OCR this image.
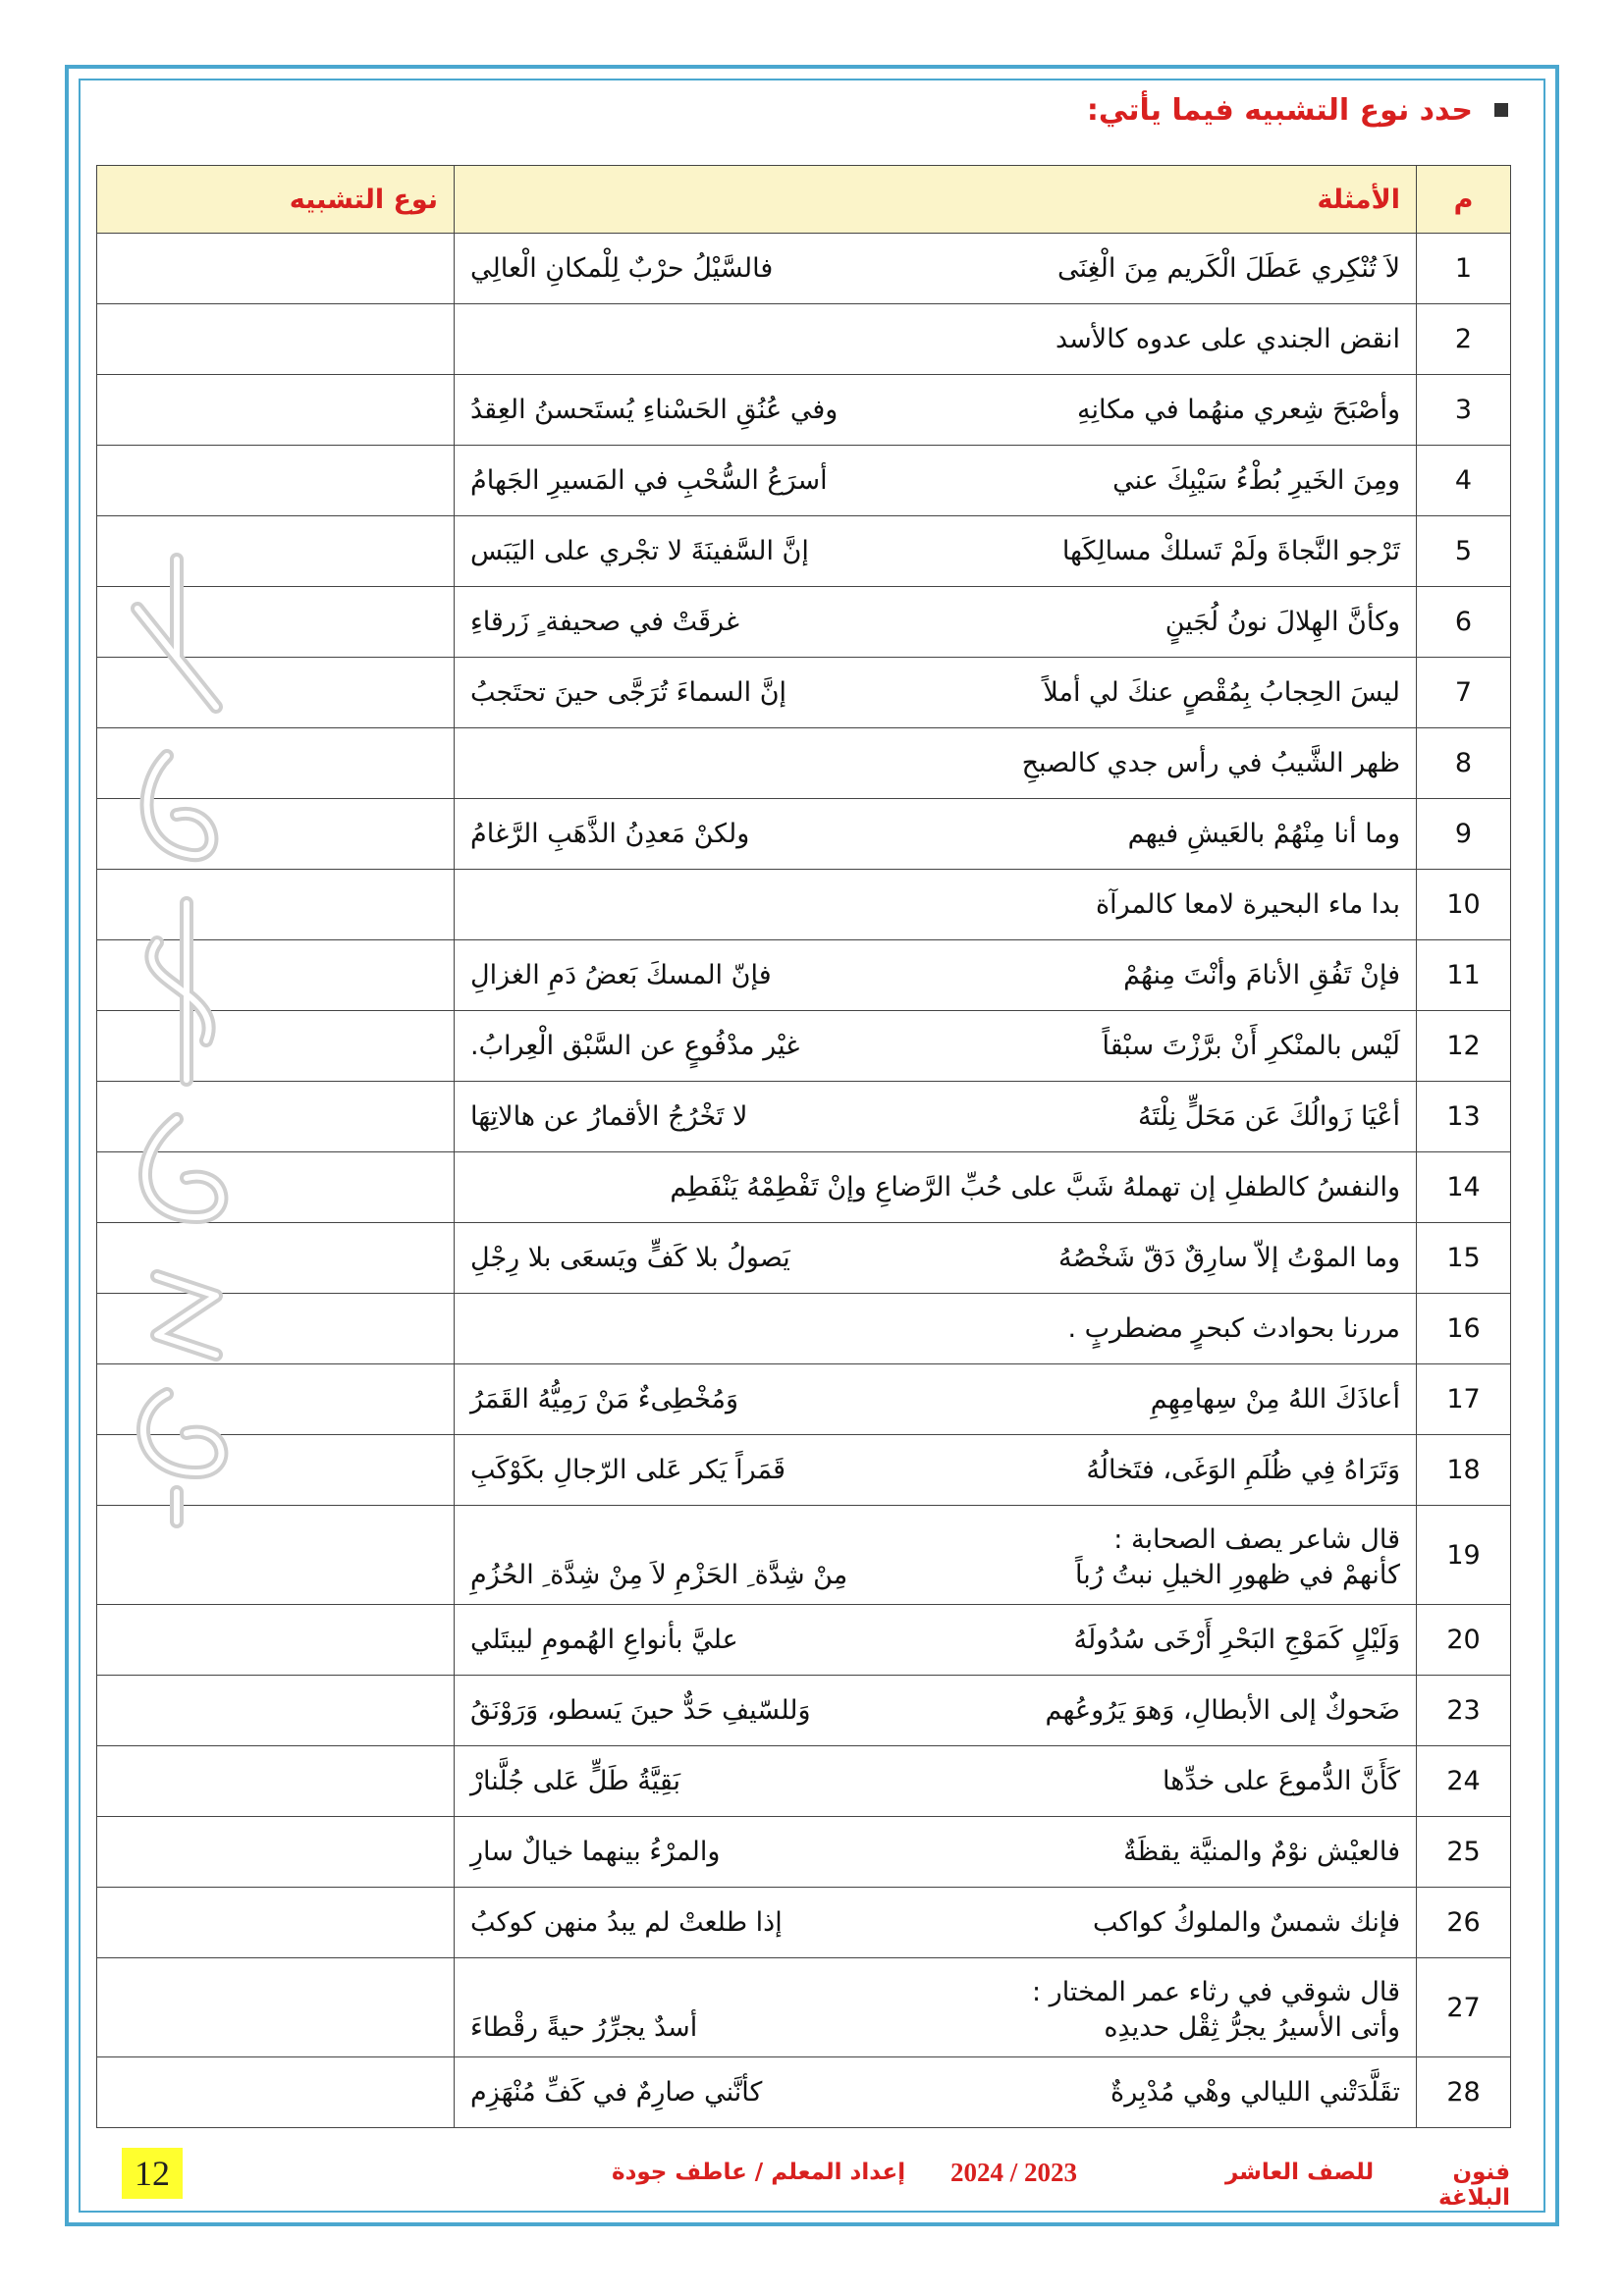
حدد نوع التشبيه فيما يأتي:
م	الأمثلة	نوع التشبيه
1	لاَ تُنْكِري عَطَلَ الْكَريم مِنَ الْغِنَى
فالسَّيْلُ حرْبٌ لِلْمكانِ الْعالِي	

2	انقض الجندي على عدوه كالأسد	

3	وأصْبَحَ شِعري منهُما في مكانِهِ
وفي عُنُقِ الحَسْناءِ يُستَحسنُ العِقدُ	

4	ومِنَ الخَيرِ بُطْءُ سَيْبِكَ عني
أسرَعُ السُّحْبِ في المَسيرِ الجَهامُ	

5	تَرْجو النَّجاةَ ولَمْ تَسلكْ مسالِكَها
إنَّ السَّفينَةَ لا تجْري على اليَبَس	

6	وكأنَّ الهِلالَ نونُ لُجَينٍ
غرقَتْ في صحيفة ٍ زَرقاءِ	

7	ليسَ الحِجابُ بِمُقْصٍ عنكَ لي أملاً
إنَّ السماءَ تُرَجَّى حينَ تحتَجبُ	

8	ظهر الشَّيبُ في رأس جدي كالصبحِ	

9	وما أنا مِنْهُمْ بالعَيشِ فيهم
ولكنْ مَعدِنُ الذَّهَبِ الرَّغامُ	

10	بدا ماء البحيرة لامعا كالمرآة	

11	فإنْ تَفُقِ الأنامَ وأنْتَ مِنهُمْ
فإنّ المسكَ بَعضُ دَمِ الغزالِ	

12	لَيْس بالمنْكرِ أَنْ برَّزْتَ سبْقاً
غيْر مدْفُوعٍ عن السَّبْق الْعِرابُ.	

13	أعْيَا زَوالُكَ عَن مَحَلٍّ نِلْتَهُ
لا تَخْرُجُ الأقمارُ عن هالاتِهَا	

14	والنفسُ كالطفلِ إن تهملهُ شَبَّ على حُبِّ الرَّضاعِ وإنْ تَفْطِمْهُ يَنْفَطِم	

15	وما الموْتُ إلاّ سارِقٌ دَقّ شَخْصُهُ
يَصولُ بلا كَفٍّ ويَسعَى بلا رِجْلِ	

16	مررنا بحوادث كبحرٍ مضطربٍ .	

17	أعاذَكَ اللهُ مِنْ سِهامِهِمِ
وَمُخْطِىءٌ مَنْ رَمِيُّهُ القَمَرُ	

18	وَتَرَاهُ فِي ظُلَمِ الوَغَى، فتَخالُهُ
قَمَراً يَكر عَلى الرّجالِ بكَوْكَبِ	

19	قال شاعر يصف الصحابة :
كأنهمْ في ظهورِ الخيلِ نبتُ رُباً
مِنْ شِدَّة ِ الحَزْمِ لاَ مِنْ شِدَّة ِ الحُزُمِ	

20	وَلَيْلٍ كَمَوْجِ البَحْرِ أَرْخَى سُدُولَهُ
عليَّ بأنواعِ الهُمومِ ليبتَلي	

23	ضَحوكٌ إلى الأبطالِ، وَهوَ يَرُوعُهم
وَللسّيفِ حَدٌّ حينَ يَسطو، وَرَوْنَقُ	

24	كَأَنَّ الدُّموعَ على خدِّها
بَقِيَّةُ طَلٍّ عَلى جُلَّنارْ	

25	فالعيْش نوْمٌ والمنيَّة يقظَةٌ
والمرْءُ بينهما خيالٌ سارِ	

26	فإنك شمسٌ والملوكُ كواكب
إذا طلعتْ لم يبدُ منهن كوكبُ	

27	قال شوقي في رثاء عمر المختار :
وأتى الأسيرُ يجرُّ ثِقْل حديدِه
أسدٌ يجرِّرُ حيةً رقْطاءَ	

28	تقَلَّدَتْني الليالي وهْي مُدْبِرةٌ
كأنَّني صارِمٌ في كَفِّ مُنْهَزِم	

12	إعداد المعلم / عاطف جودة 2024 / 2023	للصف العاشر	فنون البلاغة
